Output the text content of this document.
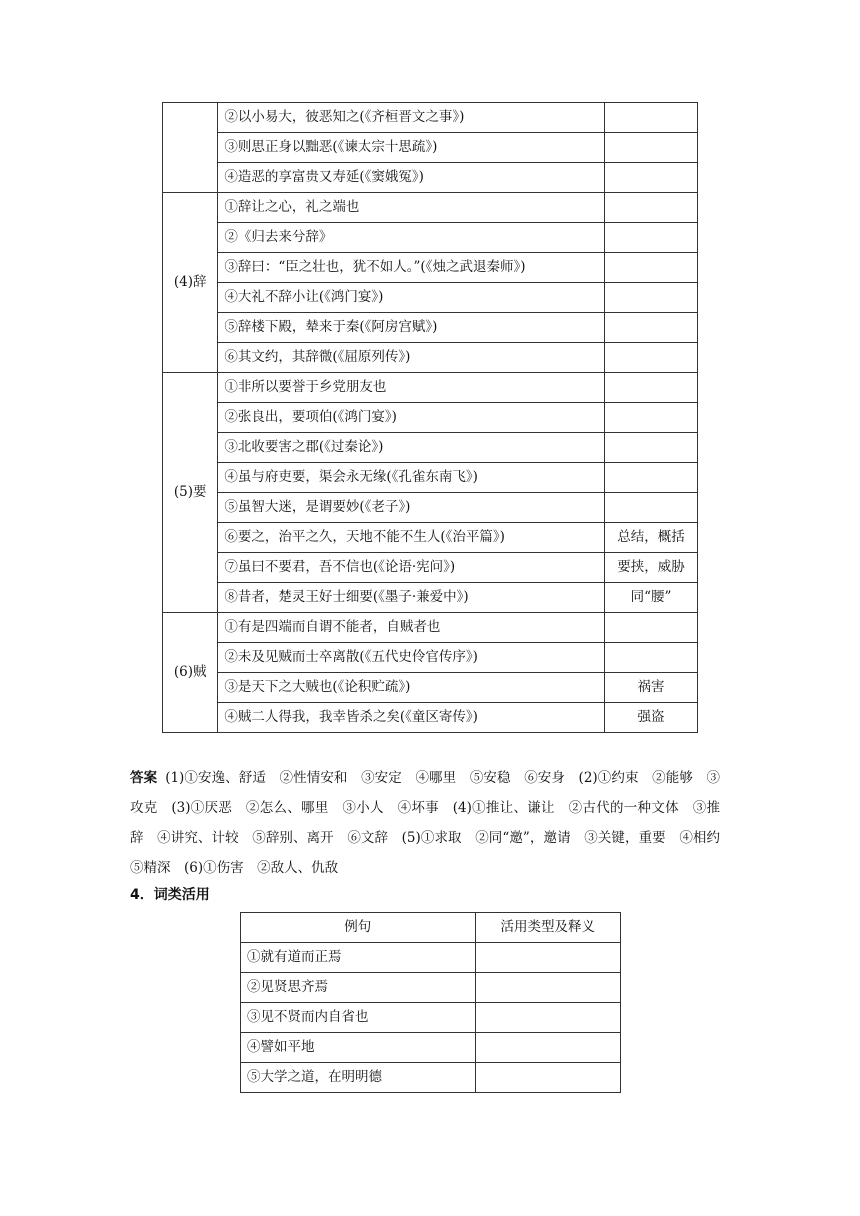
	②以小易大，彼恶知之(《齐桓晋文之事》)	
	③则思正身以黜恶(《谏太宗十思疏》)	
	④造恶的享富贵又寿延(《窦娥冤》)	
(4)辞	①辞让之心，礼之端也	
	②《归去来兮辞》	
	③辞曰：“臣之壮也，犹不如人。”(《烛之武退秦师》)	
	④大礼不辞小让(《鸿门宴》)	
	⑤辞楼下殿，辇来于秦(《阿房宫赋》)	
	⑥其文约，其辞微(《屈原列传》)	
(5)要	①非所以要誉于乡党朋友也	
	②张良出，要项伯(《鸿门宴》)	
	③北收要害之郡(《过秦论》)	
	④虽与府吏要，渠会永无缘(《孔雀东南飞》)	
	⑤虽智大迷，是谓要妙(《老子》)	
	⑥要之，治平之久，天地不能不生人(《治平篇》)	总结，概括
	⑦虽曰不要君，吾不信也(《论语·宪问》)	要挟，威胁
	⑧昔者，楚灵王好士细要(《墨子·兼爱中》)	同“腰”
(6)贼	①有是四端而自谓不能者，自贼者也	
	②未及见贼而士卒离散(《五代史伶官传序》)	
	③是天下之大贼也(《论积贮疏》)	祸害
	④贼二人得我，我幸皆杀之矣(《童区寄传》)	强盗
答案 (1)①安逸、舒适　②性情安和　③安定　④哪里　⑤安稳　⑥安身　(2)①约束　②能够　③攻克　(3)①厌恶　②怎么、哪里　③小人　④坏事　(4)①推让、谦让　②古代的一种文体　③推辞　④讲究、计较　⑤辞别、离开　⑥文辞　(5)①求取　②同“邀”，邀请　③关键，重要　④相约　⑤精深　(6)①伤害　②敌人、仇敌
4．词类活用
例句	活用类型及释义
①就有道而正焉	
②见贤思齐焉	
③见不贤而内自省也	
④譬如平地	
⑤大学之道，在明明德	
